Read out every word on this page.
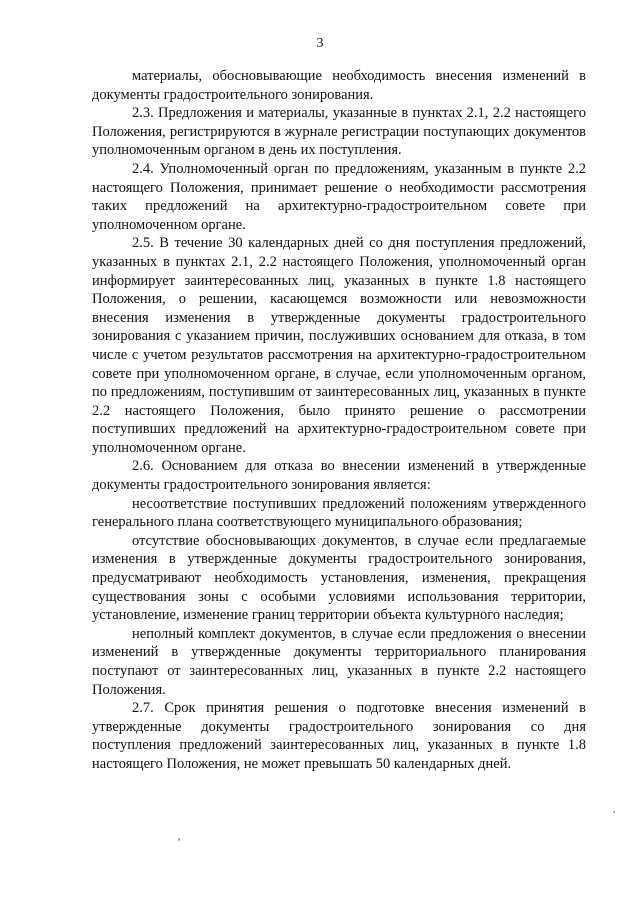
3

материалы, обосновывающие необходимость внесения изменений в документы градостроительного зонирования.

2.3. Предложения и материалы, указанные в пунктах 2.1, 2.2 настоящего Положения, регистрируются в журнале регистрации поступающих документов уполномоченным органом в день их поступления.

2.4. Уполномоченный орган по предложениям, указанным в пункте 2.2 настоящего Положения, принимает решение о необходимости рассмотрения таких предложений на архитектурно-градостроительном совете при уполномоченном органе.

2.5. В течение 30 календарных дней со дня поступления предложений, указанных в пунктах 2.1, 2.2 настоящего Положения, уполномоченный орган информирует заинтересованных лиц, указанных в пункте 1.8 настоящего Положения, о решении, касающемся возможности или невозможности внесения изменения в утвержденные документы градостроительного зонирования с указанием причин, послуживших основанием для отказа, в том числе с учетом результатов рассмотрения на архитектурно-градостроительном совете при уполномоченном органе, в случае, если уполномоченным органом, по предложениям, поступившим от заинтересованных лиц, указанных в пункте 2.2 настоящего Положения, было принято решение о рассмотрении поступивших предложений на архитектурно-градостроительном совете при уполномоченном органе.

2.6. Основанием для отказа во внесении изменений в утвержденные документы градостроительного зонирования является:

несоответствие поступивших предложений положениям утвержденного генерального плана соответствующего муниципального образования;

отсутствие обосновывающих документов, в случае если предлагаемые изменения в утвержденные документы градостроительного зонирования, предусматривают необходимость установления, изменения, прекращения существования зоны с особыми условиями использования территории, установление, изменение границ территории объекта культурного наследия;

неполный комплект документов, в случае если предложения о внесении изменений в утвержденные документы территориального планирования поступают от заинтересованных лиц, указанных в пункте 2.2 настоящего Положения.

2.7. Срок принятия решения о подготовке внесения изменений в утвержденные документы градостроительного зонирования со дня поступления предложений заинтересованных лиц, указанных в пункте 1.8 настоящего Положения, не может превышать 50 календарных дней.
